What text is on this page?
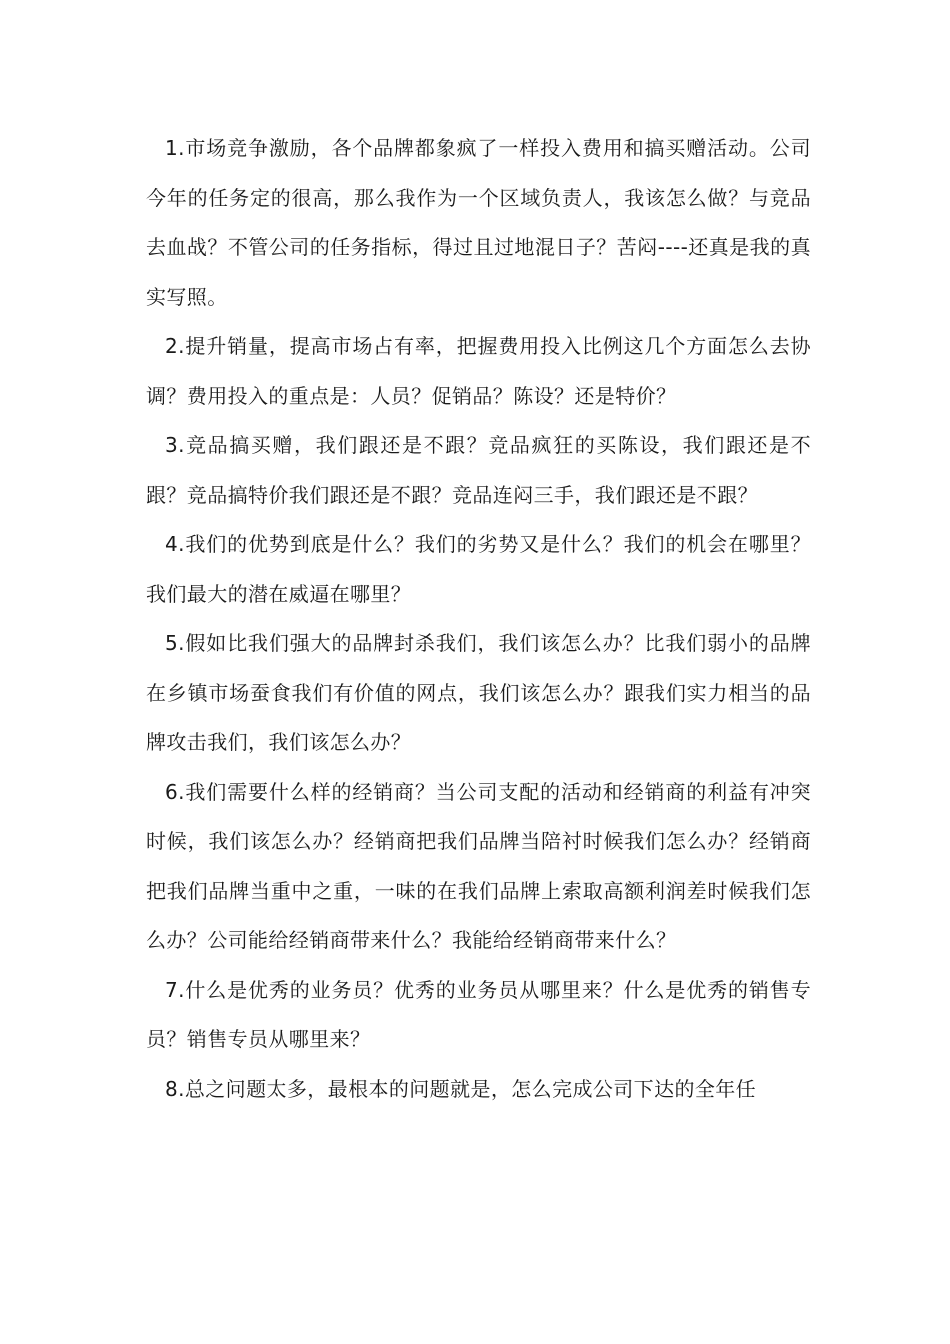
1.市场竞争激励，各个品牌都象疯了一样投入费用和搞买赠活动。公司今年的任务定的很高，那么我作为一个区域负责人，我该怎么做？与竞品去血战？不管公司的任务指标，得过且过地混日子？苦闷----还真是我的真实写照。

2.提升销量，提高市场占有率，把握费用投入比例这几个方面怎么去协调？费用投入的重点是：人员？促销品？陈设？还是特价？

3.竞品搞买赠，我们跟还是不跟？竞品疯狂的买陈设，我们跟还是不跟？竞品搞特价我们跟还是不跟？竞品连闷三手，我们跟还是不跟？

4.我们的优势到底是什么？我们的劣势又是什么？我们的机会在哪里？我们最大的潜在威逼在哪里？

5.假如比我们强大的品牌封杀我们，我们该怎么办？比我们弱小的品牌在乡镇市场蚕食我们有价值的网点，我们该怎么办？跟我们实力相当的品牌攻击我们，我们该怎么办？

6.我们需要什么样的经销商？当公司支配的活动和经销商的利益有冲突时候，我们该怎么办？经销商把我们品牌当陪衬时候我们怎么办？经销商把我们品牌当重中之重，一味的在我们品牌上索取高额利润差时候我们怎么办？公司能给经销商带来什么？我能给经销商带来什么？

7.什么是优秀的业务员？优秀的业务员从哪里来？什么是优秀的销售专员？销售专员从哪里来？

8.总之问题太多，最根本的问题就是，怎么完成公司下达的全年任
